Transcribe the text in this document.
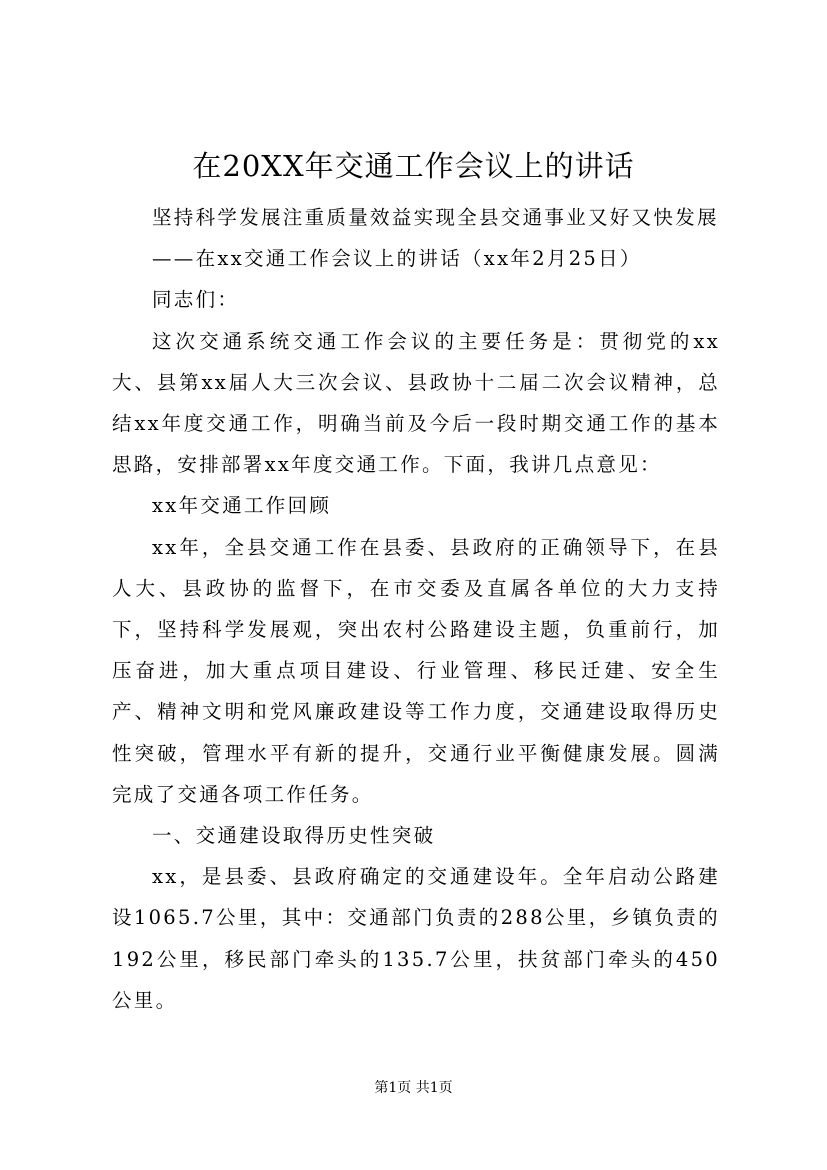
在20XX年交通工作会议上的讲话

坚持科学发展注重质量效益实现全县交通事业又好又快发展

——在xx交通工作会议上的讲话（xx年2月25日）

同志们：

这次交通系统交通工作会议的主要任务是：贯彻党的xx大、县第xx届人大三次会议、县政协十二届二次会议精神，总结xx年度交通工作，明确当前及今后一段时期交通工作的基本思路，安排部署xx年度交通工作。下面，我讲几点意见：

xx年交通工作回顾

xx年，全县交通工作在县委、县政府的正确领导下，在县人大、县政协的监督下，在市交委及直属各单位的大力支持下，坚持科学发展观，突出农村公路建设主题，负重前行，加压奋进，加大重点项目建设、行业管理、移民迁建、安全生产、精神文明和党风廉政建设等工作力度，交通建设取得历史性突破，管理水平有新的提升，交通行业平衡健康发展。圆满完成了交通各项工作任务。

一、交通建设取得历史性突破

xx，是县委、县政府确定的交通建设年。全年启动公路建设1065.7公里，其中：交通部门负责的288公里，乡镇负责的192公里，移民部门牵头的135.7公里，扶贫部门牵头的450公里。

第1页 共1页
